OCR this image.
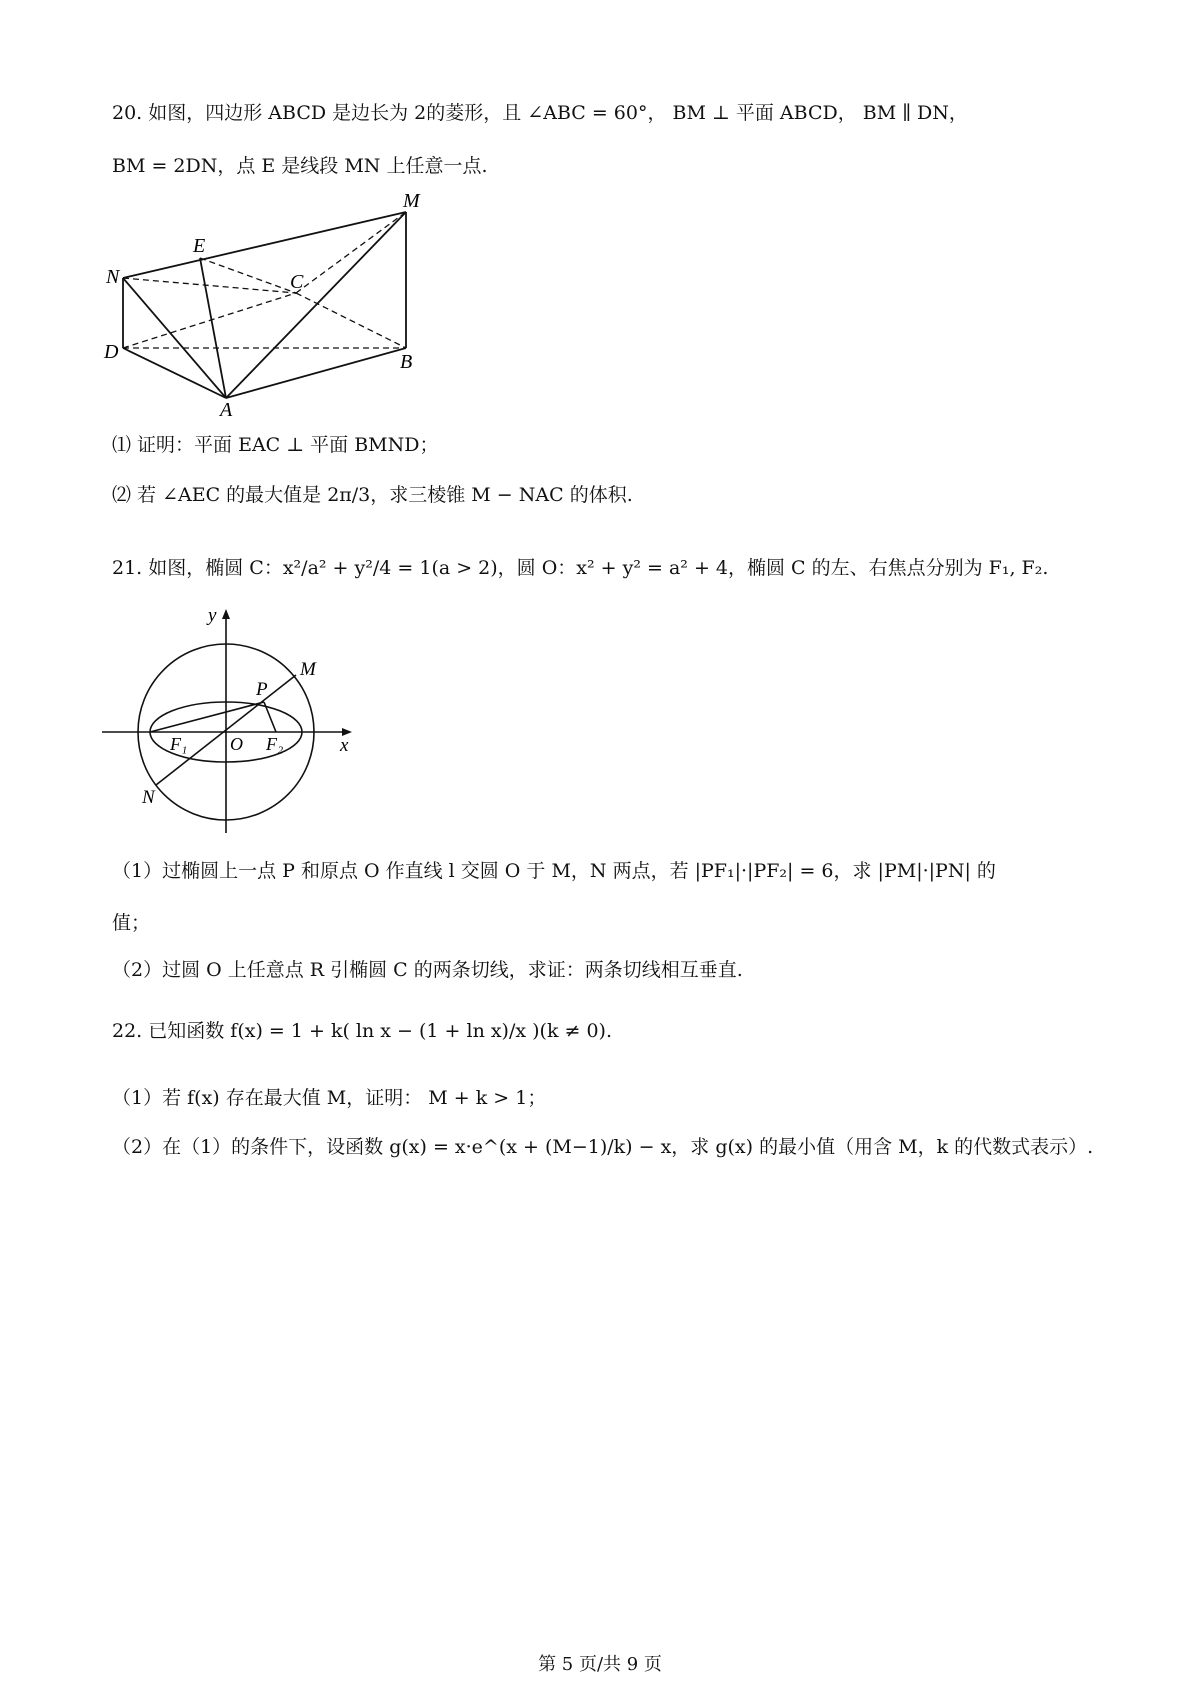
20. 如图，四边形 ABCD 是边长为 2的菱形，且 ∠ABC = 60°， BM ⊥ 平面 ABCD， BM ∥ DN，
BM = 2DN，点 E 是线段 MN 上任意一点.
M
E
N	C
D	B
A
⑴ 证明：平面 EAC ⊥ 平面 BMND；
⑵ 若 ∠AEC 的最大值是 2π/3，求三棱锥 M − NAC 的体积.
21. 如图，椭圆 C：x²/a² + y²/4 = 1(a > 2)，圆 O：x² + y² = a² + 4，椭圆 C 的左、右焦点分别为 F₁, F₂.
y
x
M
P
N
F₁ O F₂
（1）过椭圆上一点 P 和原点 O 作直线 l 交圆 O 于 M，N 两点，若 |PF₁|·|PF₂| = 6，求 |PM|·|PN| 的
值；
（2）过圆 O 上任意点 R 引椭圆 C 的两条切线，求证：两条切线相互垂直.
22. 已知函数 f(x) = 1 + k( ln x − (1 + ln x)/x )(k ≠ 0).
（1）若 f(x) 存在最大值 M，证明： M + k > 1；
（2）在（1）的条件下，设函数 g(x) = x·e^(x + (M−1)/k) − x，求 g(x) 的最小值（用含 M，k 的代数式表示）.
第 5 页/共 9 页
